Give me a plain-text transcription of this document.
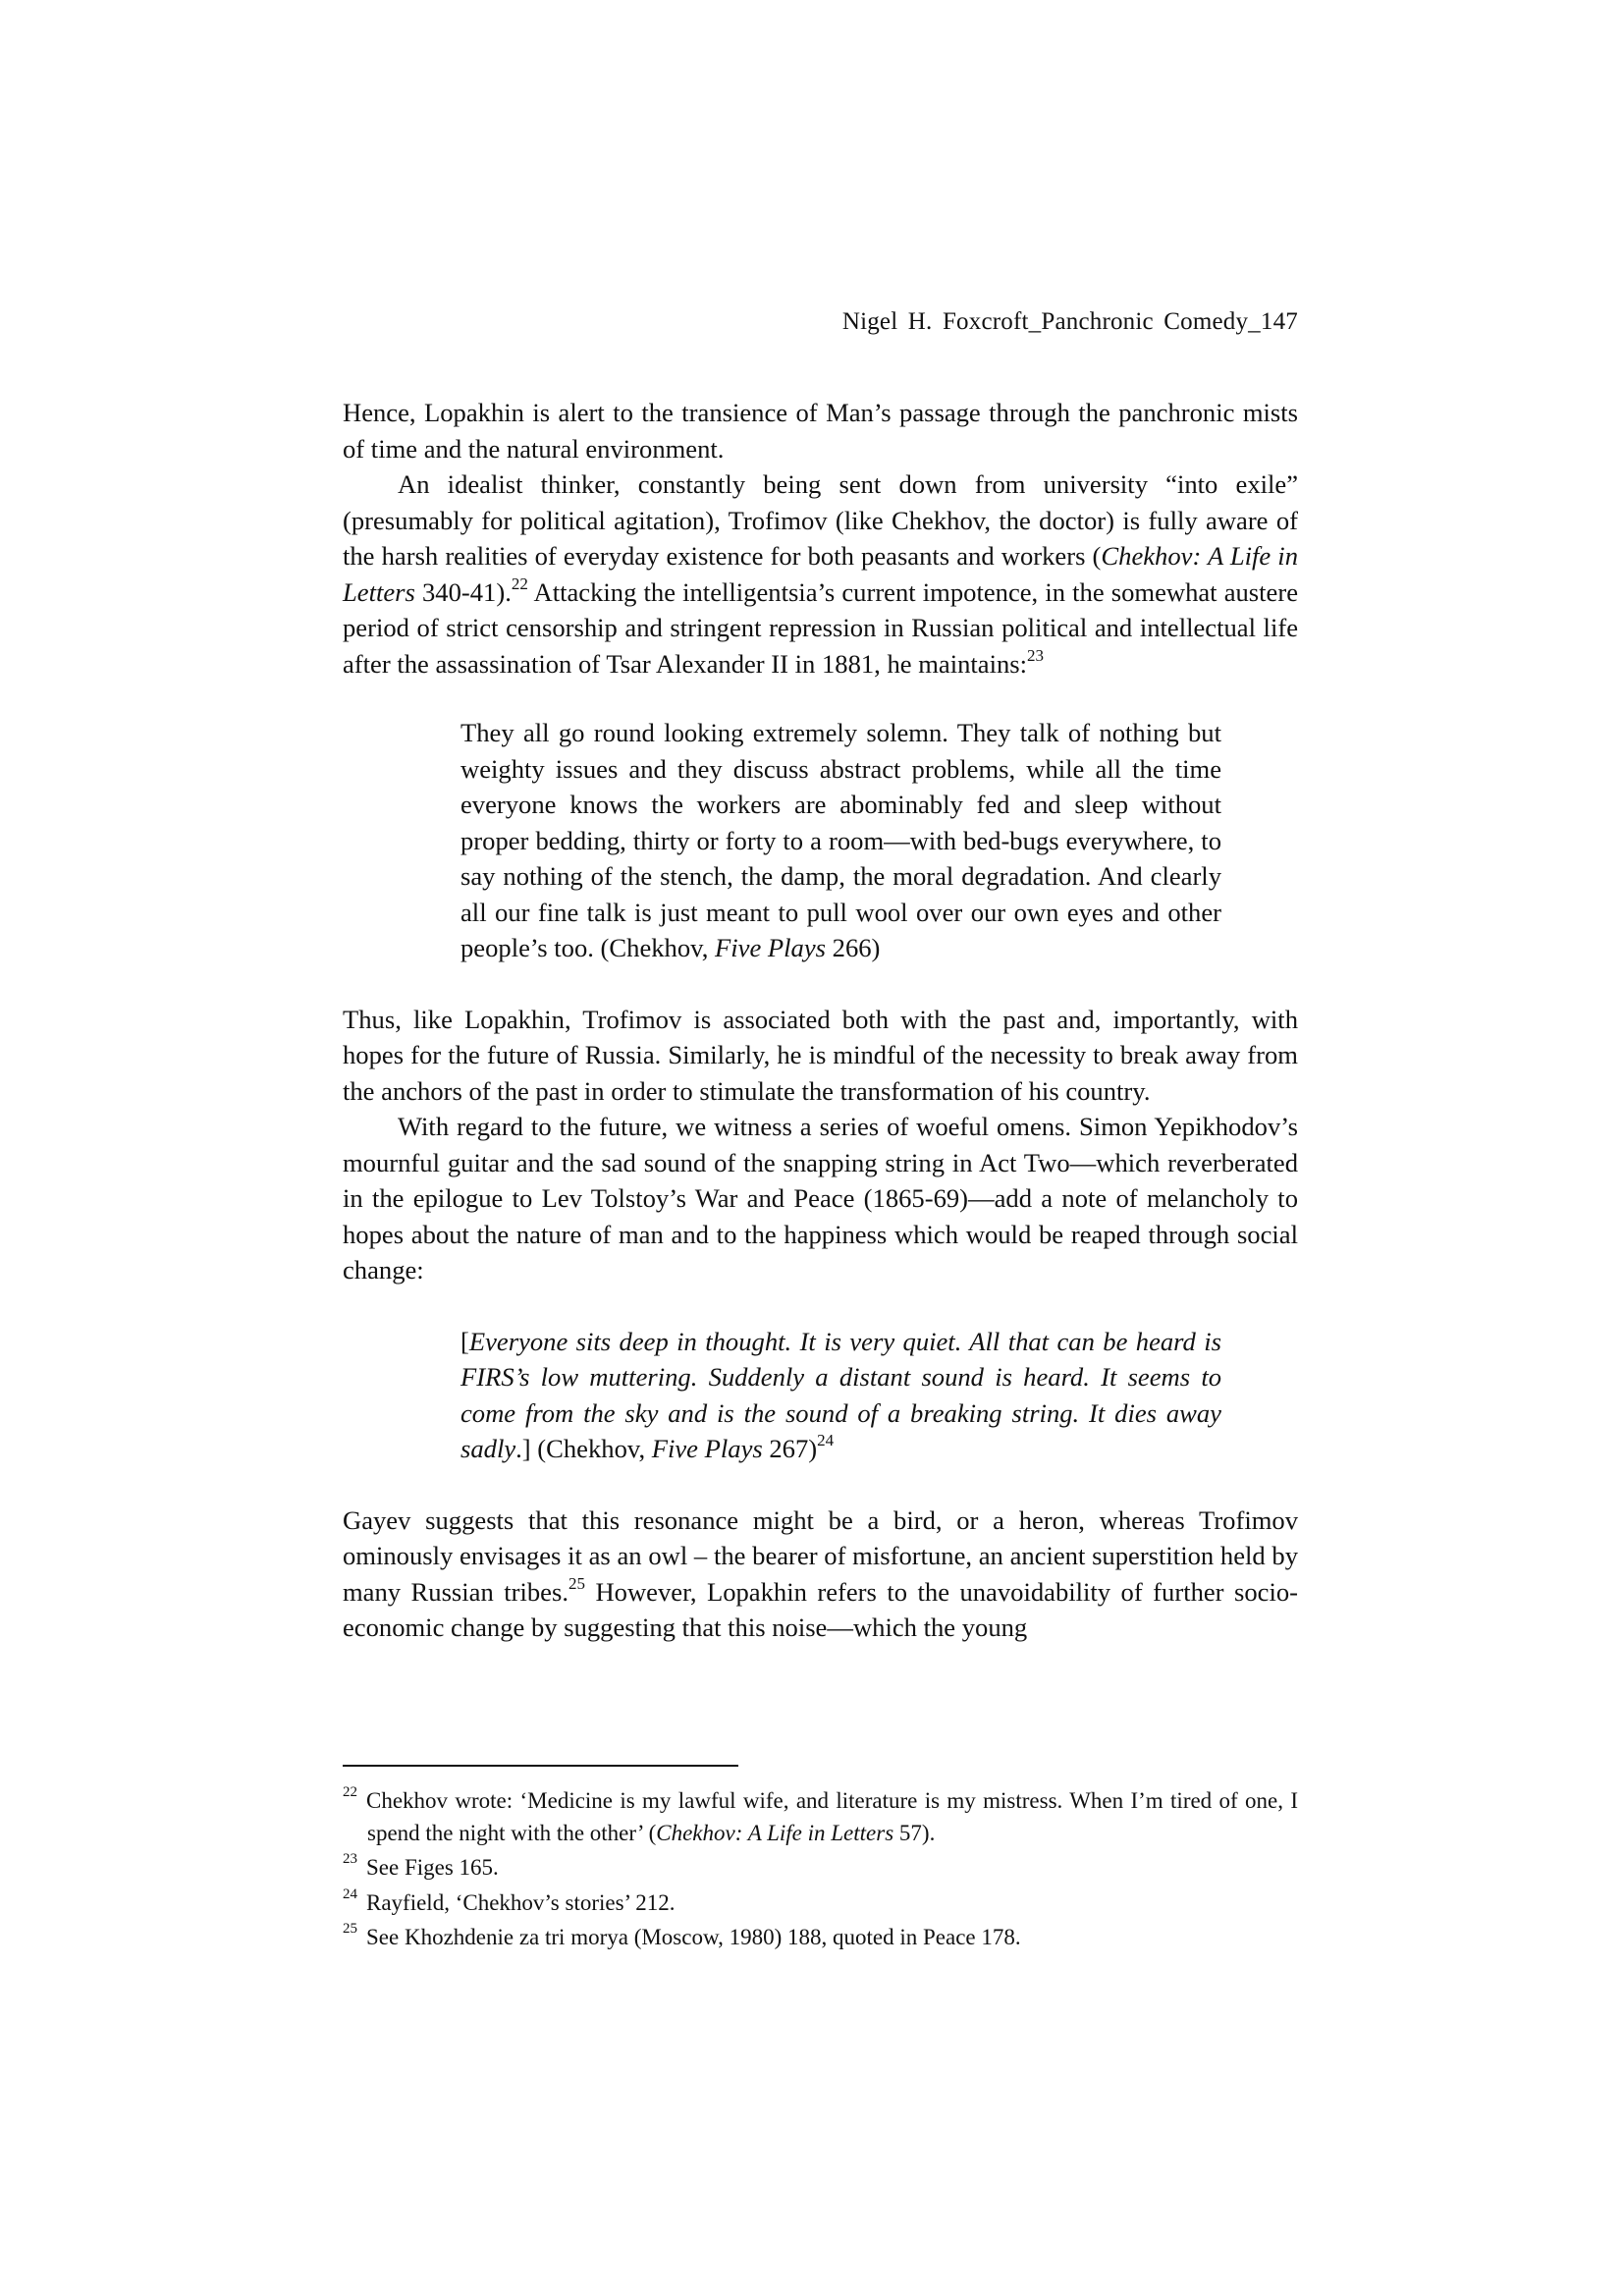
Nigel H. Foxcroft_Panchronic Comedy_147

Hence, Lopakhin is alert to the transience of Man’s passage through the panchronic mists of time and the natural environment.

An idealist thinker, constantly being sent down from university “into exile” (presumably for political agitation), Trofimov (like Chekhov, the doctor) is fully aware of the harsh realities of everyday existence for both peasants and workers (Chekhov: A Life in Letters 340-41).$^{22}$ Attacking the intelligentsia’s current impotence, in the somewhat austere period of strict censorship and stringent repression in Russian political and intellectual life after the assassination of Tsar Alexander II in 1881, he maintains:$^{23}$

They all go round looking extremely solemn. They talk of nothing but weighty issues and they discuss abstract problems, while all the time everyone knows the workers are abominably fed and sleep without proper bedding, thirty or forty to a room—with bed-bugs everywhere, to say nothing of the stench, the damp, the moral degradation. And clearly all our fine talk is just meant to pull wool over our own eyes and other people’s too. (Chekhov, Five Plays 266)

Thus, like Lopakhin, Trofimov is associated both with the past and, importantly, with hopes for the future of Russia. Similarly, he is mindful of the necessity to break away from the anchors of the past in order to stimulate the transformation of his country.

With regard to the future, we witness a series of woeful omens. Simon Yepikhodov’s mournful guitar and the sad sound of the snapping string in Act Two—which reverberated in the epilogue to Lev Tolstoy’s War and Peace (1865-69)—add a note of melancholy to hopes about the nature of man and to the happiness which would be reaped through social change:

[Everyone sits deep in thought. It is very quiet. All that can be heard is FIRS’s low muttering. Suddenly a distant sound is heard. It seems to come from the sky and is the sound of a breaking string. It dies away sadly.] (Chekhov, Five Plays 267)$^{24}$

Gayev suggests that this resonance might be a bird, or a heron, whereas Trofimov ominously envisages it as an owl – the bearer of misfortune, an ancient superstition held by many Russian tribes.$^{25}$ However, Lopakhin refers to the unavoidability of further socio-economic change by suggesting that this noise—which the young

$^{22}$ Chekhov wrote: ‘Medicine is my lawful wife, and literature is my mistress. When I’m tired of one, I spend the night with the other’ (Chekhov: A Life in Letters 57).

$^{23}$ See Figes 165.

$^{24}$ Rayfield, ‘Chekhov’s stories’ 212.

$^{25}$ See Khozhdenie za tri morya (Moscow, 1980) 188, quoted in Peace 178.
